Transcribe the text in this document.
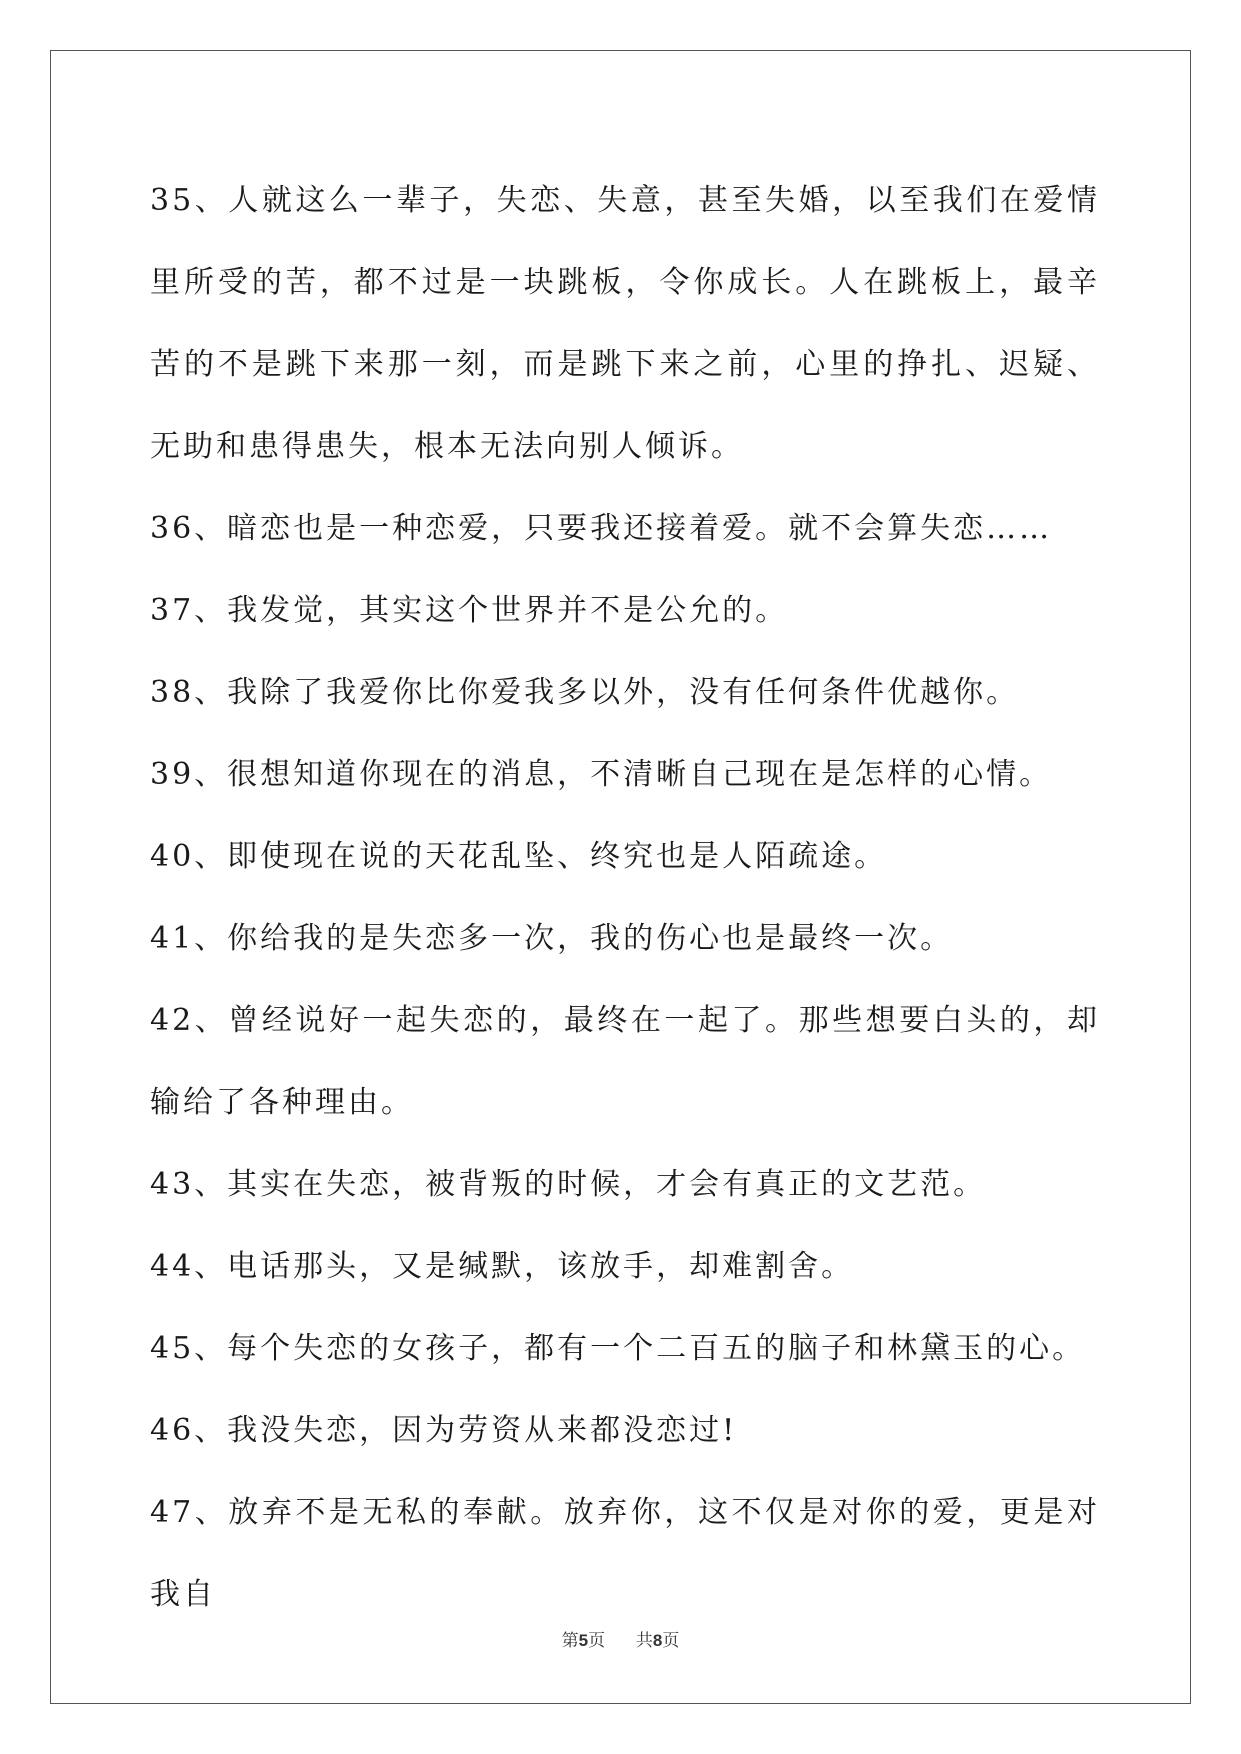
35、人就这么一辈子，失恋、失意，甚至失婚，以至我们在爱情里所受的苦，都不过是一块跳板，令你成长。人在跳板上，最辛苦的不是跳下来那一刻，而是跳下来之前，心里的挣扎、迟疑、无助和患得患失，根本无法向别人倾诉。

36、暗恋也是一种恋爱，只要我还接着爱。就不会算失恋……

37、我发觉，其实这个世界并不是公允的。

38、我除了我爱你比你爱我多以外，没有任何条件优越你。

39、很想知道你现在的消息，不清晰自己现在是怎样的心情。

40、即使现在说的天花乱坠、终究也是人陌疏途。

41、你给我的是失恋多一次，我的伤心也是最终一次。

42、曾经说好一起失恋的，最终在一起了。那些想要白头的，却输给了各种理由。

43、其实在失恋，被背叛的时候，才会有真正的文艺范。

44、电话那头，又是缄默，该放手，却难割舍。

45、每个失恋的女孩子，都有一个二百五的脑子和林黛玉的心。

46、我没失恋，因为劳资从来都没恋过!

47、放弃不是无私的奉献。放弃你，这不仅是对你的爱，更是对我自

第5页 共8页
